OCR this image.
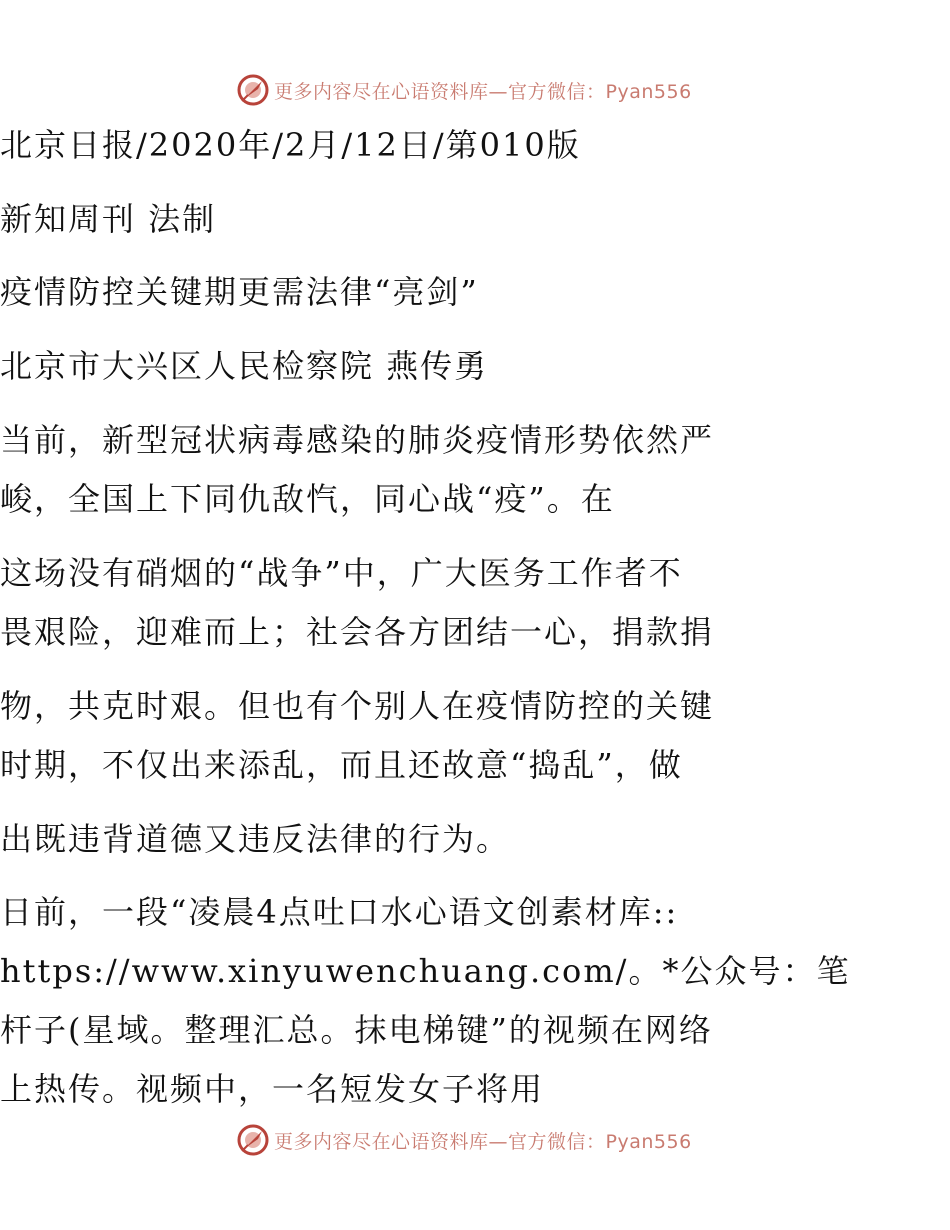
更多内容尽在心语资料库—官方微信：Pyan556
北京日报/2020年/2月/12日/第010版
新知周刊 法制
疫情防控关键期更需法律“亮剑”
北京市大兴区人民检察院 燕传勇
当前，新型冠状病毒感染的肺炎疫情形势依然严
峻，全国上下同仇敌忾，同心战“疫”。在
这场没有硝烟的“战争”中，广大医务工作者不
畏艰险，迎难而上；社会各方团结一心，捐款捐
物，共克时艰。但也有个别人在疫情防控的关键
时期，不仅出来添乱，而且还故意“捣乱”，做
出既违背道德又违反法律的行为。
日前，一段“凌晨4点吐口水心语文创素材库::
https://www.xinyuwenchuang.com/。*公众号：笔
杆子(星域。整理汇总。抹电梯键”的视频在网络
上热传。视频中，一名短发女子将用
更多内容尽在心语资料库—官方微信：Pyan556
